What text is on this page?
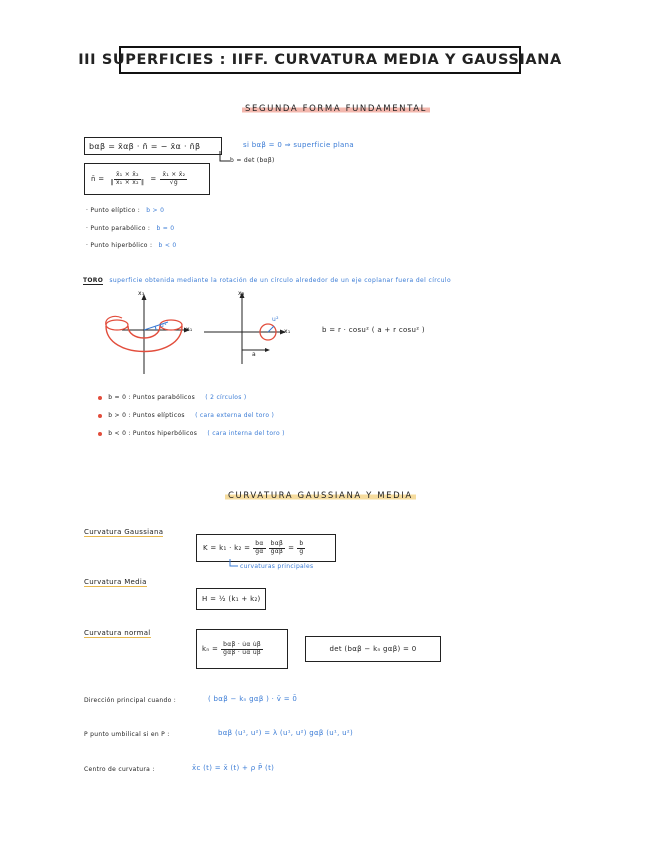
III SUPERFICIES : IIFF. CURVATURA MEDIA Y GAUSSIANA
SEGUNDA FORMA FUNDAMENTAL
bαβ = x̄αβ · n̄ = − x̄α · n̄β	si bαβ = 0 ⇒ superficie plana
b = det (bαβ)
n̄ = $\frac{\text{x̄₁ × x̄₂}}{\text{‖ x̄₁ × x̄₂ ‖}} = \frac{\text{x̄₁ × x̄₂}}{√g}$
· Punto elíptico : b > 0
· Punto parabólico : b = 0
· Punto hiperbólico : b < 0
TORO superficie obtenida mediante la rotación de un círculo alrededor de un eje coplanar fuera del círculo
x₃
x₁
x₃
x₁
u²
u¹
a
b = r · cosu² ( a + r cosu² )
b = 0 : Puntos parabólicos ( 2 círculos )
b > 0 : Puntos elípticos ( cara externa del toro )
b < 0 : Puntos hiperbólicos ( cara interna del toro )
CURVATURA GAUSSIANA Y MEDIA
Curvatura Gaussiana
$K = k_1 \cdot k_2 = \frac{b\alpha}{g\alpha} \frac{\text{bαβ}}{\text{gαβ}} = \frac{b}{g}$
curvaturas principales
Curvatura Media
H = ½ (k₁ + k₂)
Curvatura normal
$k_n = \frac{\text{bαβ · u̇α u̇β}}{\text{gαβ · u̇α u̇β}}$	det (bαβ − kₙ gαβ) = 0
Dirección principal cuando :	( bαβ − kₙ gαβ ) · v̄ = 0̄
P punto umbilical si en P :	bαβ (u¹, u²) = λ (u¹, u²) gαβ (u¹, u²)
Centro de curvatura :	x̄c (t) = x̄ (t) + ρ P̄ (t)
